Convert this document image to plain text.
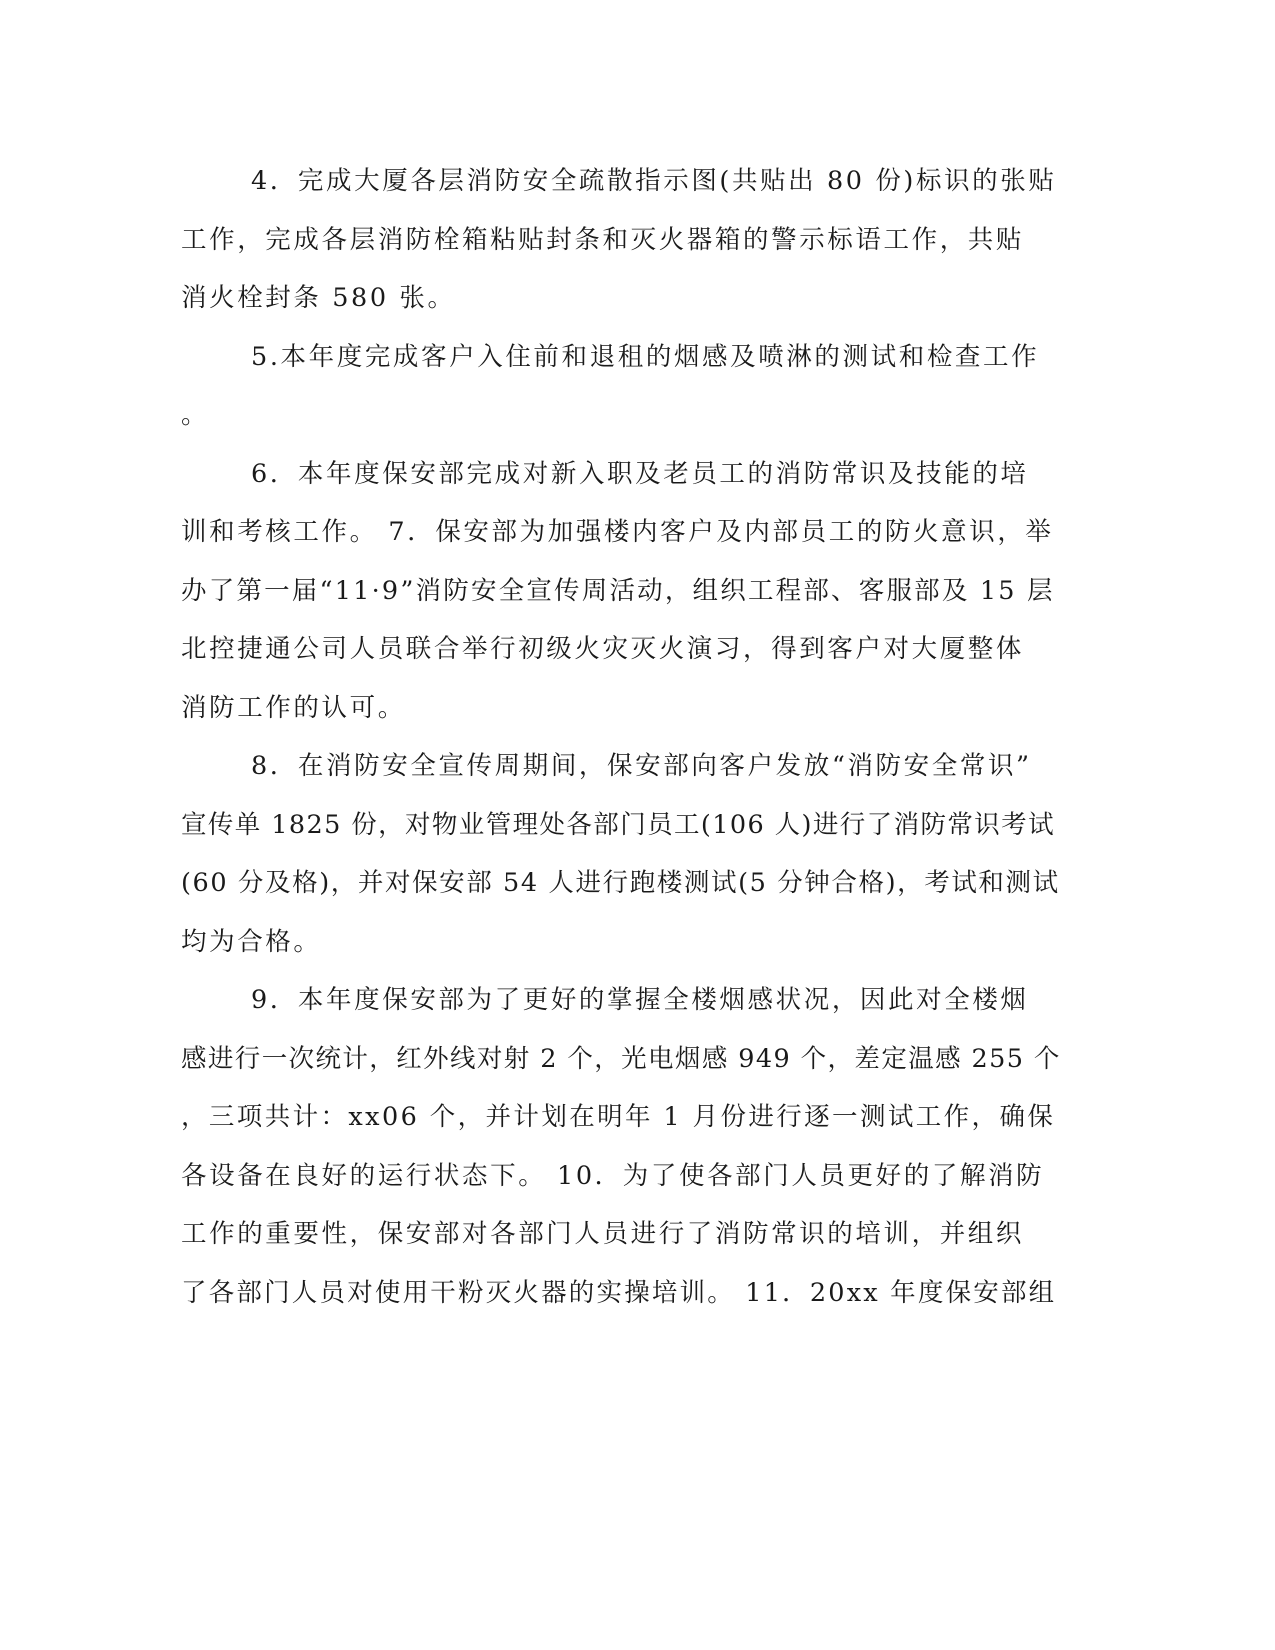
4．完成大厦各层消防安全疏散指示图(共贴出 80 份)标识的张贴
工作，完成各层消防栓箱粘贴封条和灭火器箱的警示标语工作，共贴
消火栓封条 580 张。
5.本年度完成客户入住前和退租的烟感及喷淋的测试和检查工作
。
6．本年度保安部完成对新入职及老员工的消防常识及技能的培
训和考核工作。 7．保安部为加强楼内客户及内部员工的防火意识，举
办了第一届“11·9”消防安全宣传周活动，组织工程部、客服部及 15 层
北控捷通公司人员联合举行初级火灾灭火演习，得到客户对大厦整体
消防工作的认可。
8．在消防安全宣传周期间，保安部向客户发放“消防安全常识”
宣传单 1825 份，对物业管理处各部门员工(106 人)进行了消防常识考试
(60 分及格)，并对保安部 54 人进行跑楼测试(5 分钟合格)，考试和测试
均为合格。
9．本年度保安部为了更好的掌握全楼烟感状况，因此对全楼烟
感进行一次统计，红外线对射 2 个，光电烟感 949 个，差定温感 255 个
，三项共计：xx06 个，并计划在明年 1 月份进行逐一测试工作，确保
各设备在良好的运行状态下。 10．为了使各部门人员更好的了解消防
工作的重要性，保安部对各部门人员进行了消防常识的培训，并组织
了各部门人员对使用干粉灭火器的实操培训。 11．20xx 年度保安部组
